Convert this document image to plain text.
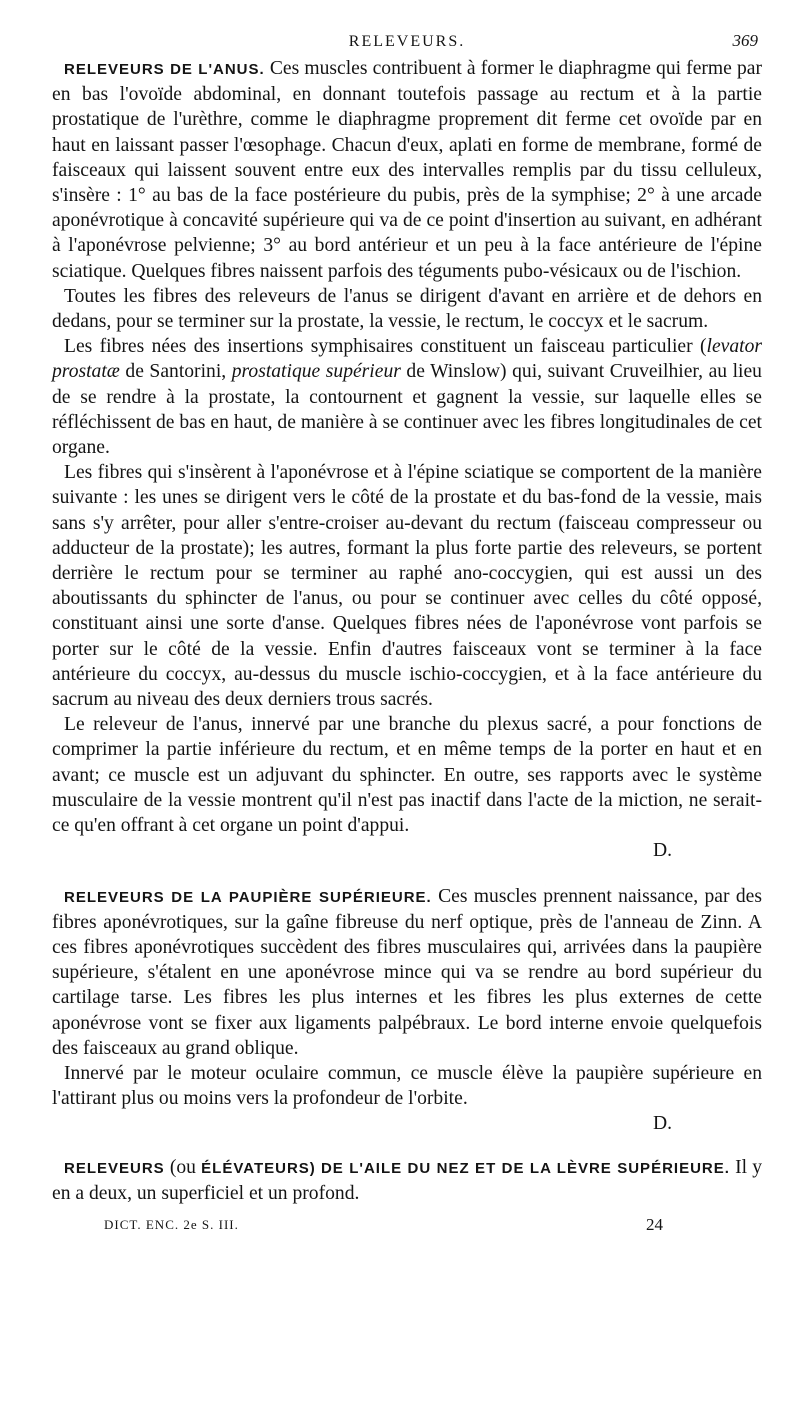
RELEVEURS.	369

RELEVEURS DE L'ANUS. Ces muscles contribuent à former le diaphragme qui ferme par en bas l'ovoïde abdominal, en donnant toutefois passage au rectum et à la partie prostatique de l'urèthre, comme le diaphragme proprement dit ferme cet ovoïde par en haut en laissant passer l'œsophage. Chacun d'eux, aplati en forme de membrane, formé de faisceaux qui laissent souvent entre eux des intervalles remplis par du tissu celluleux, s'insère : 1° au bas de la face postérieure du pubis, près de la symphise; 2° à une arcade aponévrotique à concavité supérieure qui va de ce point d'insertion au suivant, en adhérant à l'aponévrose pelvienne; 3° au bord antérieur et un peu à la face antérieure de l'épine sciatique. Quelques fibres naissent parfois des téguments pubo-vésicaux ou de l'ischion.

Toutes les fibres des releveurs de l'anus se dirigent d'avant en arrière et de dehors en dedans, pour se terminer sur la prostate, la vessie, le rectum, le coccyx et le sacrum.

Les fibres nées des insertions symphisaires constituent un faisceau particulier (levator prostatæ de Santorini, prostatique supérieur de Winslow) qui, suivant Cruveilhier, au lieu de se rendre à la prostate, la contournent et gagnent la vessie, sur laquelle elles se réfléchissent de bas en haut, de manière à se continuer avec les fibres longitudinales de cet organe.

Les fibres qui s'insèrent à l'aponévrose et à l'épine sciatique se comportent de la manière suivante : les unes se dirigent vers le côté de la prostate et du bas-fond de la vessie, mais sans s'y arrêter, pour aller s'entre-croiser au-devant du rectum (faisceau compresseur ou adducteur de la prostate); les autres, formant la plus forte partie des releveurs, se portent derrière le rectum pour se terminer au raphé ano-coccygien, qui est aussi un des aboutissants du sphincter de l'anus, ou pour se continuer avec celles du côté opposé, constituant ainsi une sorte d'anse. Quelques fibres nées de l'aponévrose vont parfois se porter sur le côté de la vessie. Enfin d'autres faisceaux vont se terminer à la face antérieure du coccyx, au-dessus du muscle ischio-coccygien, et à la face antérieure du sacrum au niveau des deux derniers trous sacrés.

Le releveur de l'anus, innervé par une branche du plexus sacré, a pour fonctions de comprimer la partie inférieure du rectum, et en même temps de la porter en haut et en avant; ce muscle est un adjuvant du sphincter. En outre, ses rapports avec le système musculaire de la vessie montrent qu'il n'est pas inactif dans l'acte de la miction, ne serait-ce qu'en offrant à cet organe un point d'appui.

D.

RELEVEURS DE LA PAUPIÈRE SUPÉRIEURE. Ces muscles prennent naissance, par des fibres aponévrotiques, sur la gaîne fibreuse du nerf optique, près de l'anneau de Zinn. A ces fibres aponévrotiques succèdent des fibres musculaires qui, arrivées dans la paupière supérieure, s'étalent en une aponévrose mince qui va se rendre au bord supérieur du cartilage tarse. Les fibres les plus internes et les fibres les plus externes de cette aponévrose vont se fixer aux ligaments palpébraux. Le bord interne envoie quelquefois des faisceaux au grand oblique.

Innervé par le moteur oculaire commun, ce muscle élève la paupière supérieure en l'attirant plus ou moins vers la profondeur de l'orbite.

D.

RELEVEURS (ou ÉLÉVATEURS) DE L'AILE DU NEZ ET DE LA LÈVRE SUPÉRIEURE. Il y en a deux, un superficiel et un profond.

DICT. ENC. 2e S. III.	24
